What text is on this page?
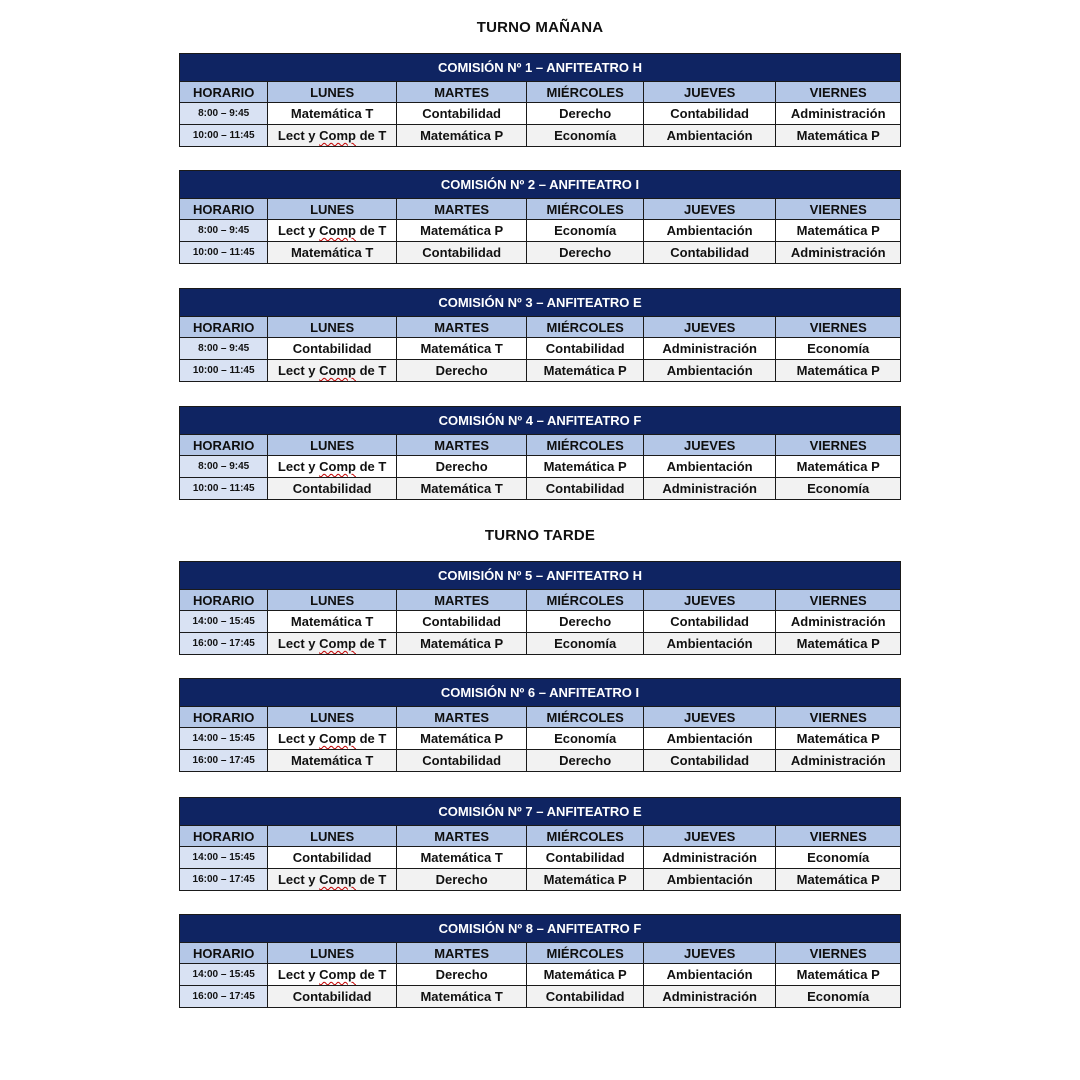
TURNO MAÑANA
COMISIÓN Nº 1 – ANFITEATRO H					
HORARIO	LUNES	MARTES	MIÉRCOLES	JUEVES	VIERNES
8:00 – 9:45	Matemática T	Contabilidad	Derecho	Contabilidad	Administración
10:00 – 11:45	Lect y Comp de T	Matemática P	Economía	Ambientación	Matemática P
COMISIÓN Nº 2 – ANFITEATRO I					
HORARIO	LUNES	MARTES	MIÉRCOLES	JUEVES	VIERNES
8:00 – 9:45	Lect y Comp de T	Matemática P	Economía	Ambientación	Matemática P
10:00 – 11:45	Matemática T	Contabilidad	Derecho	Contabilidad	Administración
COMISIÓN Nº 3 – ANFITEATRO E					
HORARIO	LUNES	MARTES	MIÉRCOLES	JUEVES	VIERNES
8:00 – 9:45	Contabilidad	Matemática T	Contabilidad	Administración	Economía
10:00 – 11:45	Lect y Comp de T	Derecho	Matemática P	Ambientación	Matemática P
COMISIÓN Nº 4 – ANFITEATRO F					
HORARIO	LUNES	MARTES	MIÉRCOLES	JUEVES	VIERNES
8:00 – 9:45	Lect y Comp de T	Derecho	Matemática P	Ambientación	Matemática P
10:00 – 11:45	Contabilidad	Matemática T	Contabilidad	Administración	Economía
TURNO TARDE
COMISIÓN Nº 5 – ANFITEATRO H					
HORARIO	LUNES	MARTES	MIÉRCOLES	JUEVES	VIERNES
14:00 – 15:45	Matemática T	Contabilidad	Derecho	Contabilidad	Administración
16:00 – 17:45	Lect y Comp de T	Matemática P	Economía	Ambientación	Matemática P
COMISIÓN Nº 6 – ANFITEATRO I					
HORARIO	LUNES	MARTES	MIÉRCOLES	JUEVES	VIERNES
14:00 – 15:45	Lect y Comp de T	Matemática P	Economía	Ambientación	Matemática P
16:00 – 17:45	Matemática T	Contabilidad	Derecho	Contabilidad	Administración
COMISIÓN Nº 7 – ANFITEATRO E					
HORARIO	LUNES	MARTES	MIÉRCOLES	JUEVES	VIERNES
14:00 – 15:45	Contabilidad	Matemática T	Contabilidad	Administración	Economía
16:00 – 17:45	Lect y Comp de T	Derecho	Matemática P	Ambientación	Matemática P
COMISIÓN Nº 8 – ANFITEATRO F					
HORARIO	LUNES	MARTES	MIÉRCOLES	JUEVES	VIERNES
14:00 – 15:45	Lect y Comp de T	Derecho	Matemática P	Ambientación	Matemática P
16:00 – 17:45	Contabilidad	Matemática T	Contabilidad	Administración	Economía
